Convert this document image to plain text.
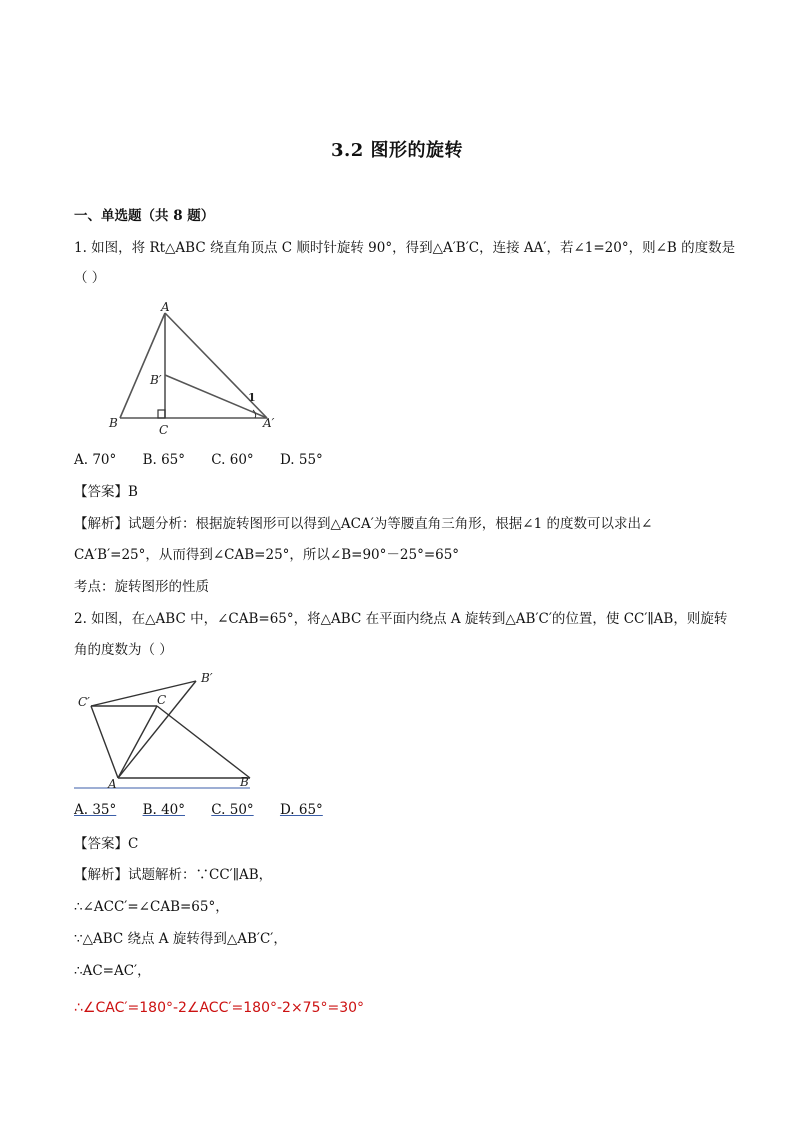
3.2 图形的旋转
一、单选题（共 8 题）
1. 如图，将 Rt△ABC 绕直角顶点 C 顺时针旋转 90°，得到△A′B′C，连接 AA′，若∠1=20°，则∠B 的度数是
（ ）
A
B
B′
C	A′
1
A. 70° B. 65° C. 60° D. 55°
【答案】B
【解析】试题分析：根据旋转图形可以得到△ACA′为等腰直角三角形，根据∠1 的度数可以求出∠
CA′B′=25°，从而得到∠CAB=25°，所以∠B=90°－25°=65°
考点：旋转图形的性质
2. 如图，在△ABC 中，∠CAB=65°，将△ABC 在平面内绕点 A 旋转到△AB′C′的位置，使 CC′∥AB，则旋转
角的度数为（ ）
C′	C
B′
A	B
A. 35° B. 40° C. 50° D. 65°
【答案】C
【解析】试题解析：∵CC′∥AB，
∴∠ACC′=∠CAB=65°，
∵△ABC 绕点 A 旋转得到△AB′C′，
∴AC=AC′，
∴∠CAC′=180°-2∠ACC′=180°-2×75°=30°
